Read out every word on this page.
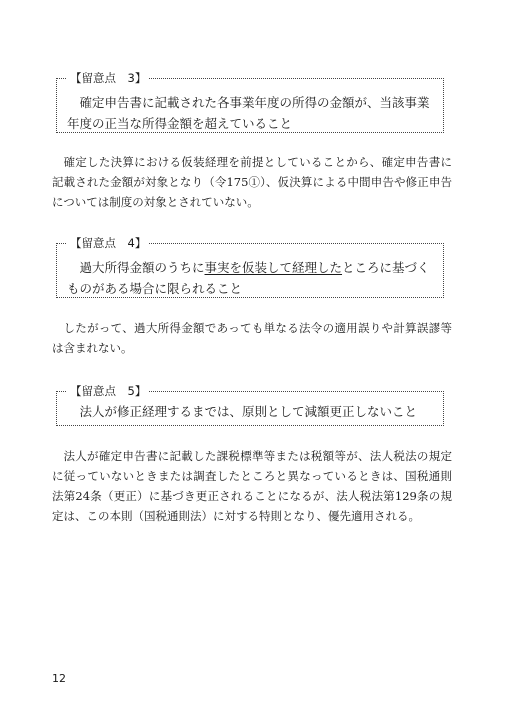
【留意点　3】
確定申告書に記載された各事業年度の所得の金額が、当該事業年度の正当な所得金額を超えていること
確定した決算における仮装経理を前提としていることから、確定申告書に記載された金額が対象となり（令175①）、仮決算による中間申告や修正申告については制度の対象とされていない。
【留意点　4】
過大所得金額のうちに事実を仮装して経理したところに基づくものがある場合に限られること
したがって、過大所得金額であっても単なる法令の適用誤りや計算誤謬等は含まれない。
【留意点　5】
法人が修正経理するまでは、原則として減額更正しないこと
法人が確定申告書に記載した課税標準等または税額等が、法人税法の規定に従っていないときまたは調査したところと異なっているときは、国税通則法第24条（更正）に基づき更正されることになるが、法人税法第129条の規定は、この本則（国税通則法）に対する特則となり、優先適用される。
12
